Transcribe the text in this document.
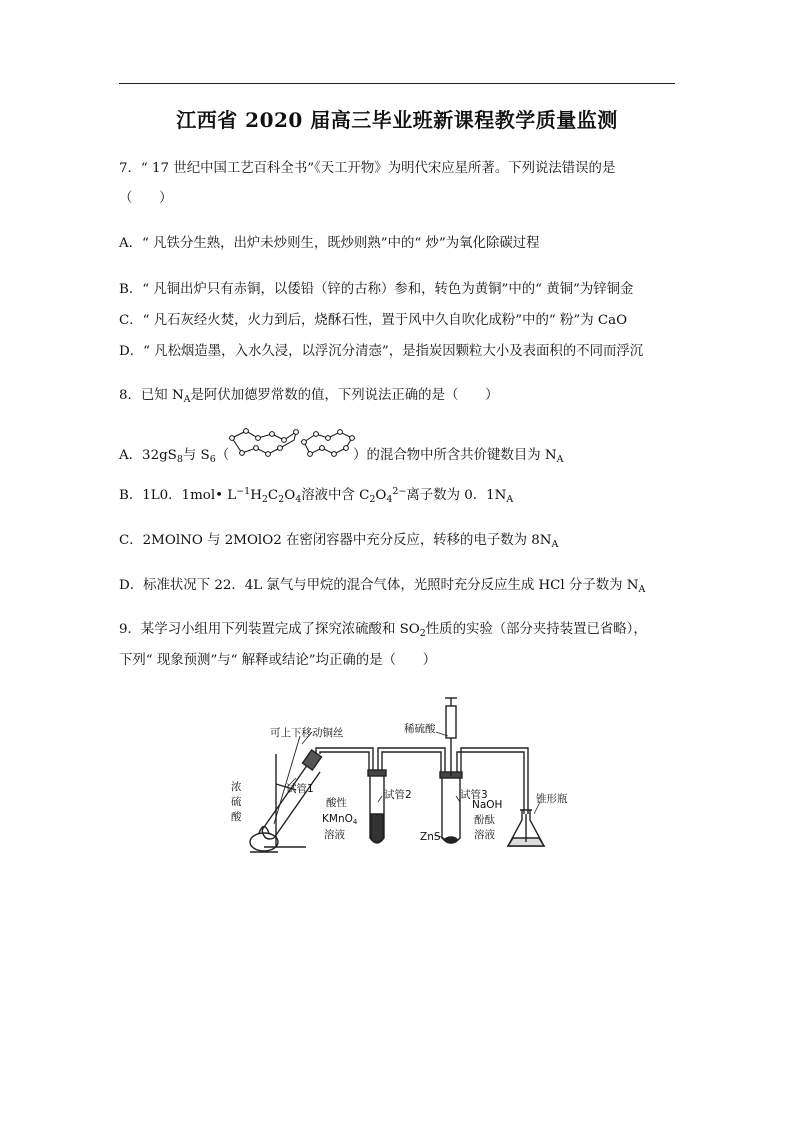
江西省 2020 届高三毕业班新课程教学质量监测
7．“ 17 世纪中国工艺百科全书”《天工开物》为明代宋应星所著。下列说法错误的是
（　　）
A．“ 凡铁分生熟，出炉未炒则生，既炒则熟”中的“ 炒”为氧化除碳过程
B．“ 凡铜出炉只有赤铜，以倭铅（锌的古称）参和，转色为黄铜”中的“ 黄铜”为锌铜金
C．“ 凡石灰经火焚，火力到后，烧酥石性，置于风中久自吹化成粉”中的“ 粉”为 CaO
D．“ 凡松烟造墨，入水久浸，以浮沉分清悫”，是指炭因颗粒大小及表面积的不同而浮沉
8．已知 $N_A$是阿伏加德罗常数的值，下列说法正确的是（　　）
A．$32gS_8$与 $S_6$（	）的混合物中所含共价键数目为 $N_A$
B．1L0．1mol• $L^{-1}H_2C_2O_4$溶液中含 $C_2O_4^{2-}$离子数为 0．$1N_A$
C．2MOlNO 与 2MOlO2 在密闭容器中充分反应，转移的电子数为 $8N_A$
D．标准状况下 22．4L 氯气与甲烷的混合气体，光照时充分反应生成 HCl 分子数为 $N_A$
9．某学习小组用下列装置完成了探究浓硫酸和 $SO_2$性质的实验（部分夹持装置已省略），
下列“ 现象预测”与“ 解释或结论”均正确的是（　　）
可上下移动铜丝	稀硫酸
浓
硫
酸
试管1	试管2	试管3
酸性
KMnO4
溶液	ZnS
NaOH
酚酞
溶液
锥形瓶
